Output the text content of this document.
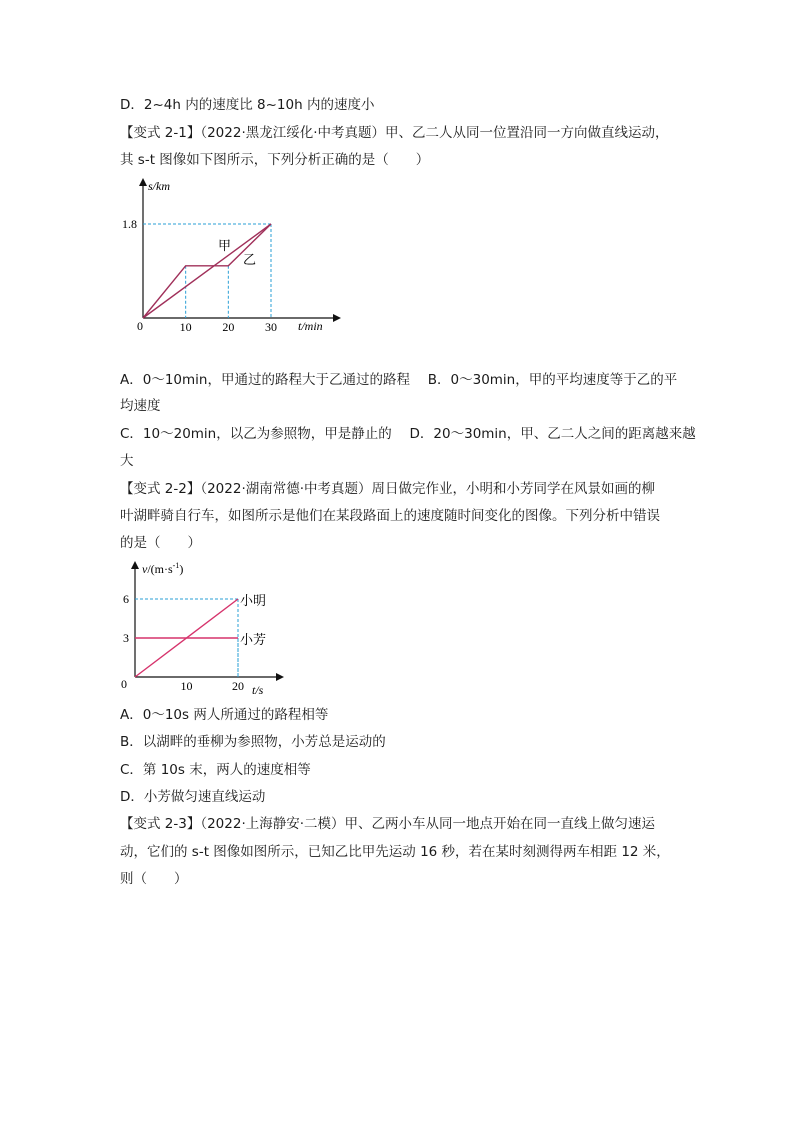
D．2~4h 内的速度比 8~10h 内的速度小
【变式 2-1】（2022·黑龙江绥化·中考真题）甲、乙二人从同一位置沿同一方向做直线运动，
其 s-t 图像如下图所示，下列分析正确的是（　　）
s/km
t/min
0	10	20	30
1.8
甲
乙
A．0～10min，甲通过的路程大于乙通过的路程　 B．0～30min，甲的平均速度等于乙的平
均速度
C．10～20min，以乙为参照物，甲是静止的　 D．20～30min，甲、乙二人之间的距离越来越
大
【变式 2-2】（2022·湖南常德·中考真题）周日做完作业，小明和小芳同学在风景如画的柳
叶湖畔骑自行车，如图所示是他们在某段路面上的速度随时间变化的图像。下列分析中错误
的是（　　）
$v/(m\cdot s^{-1})$
t/s
0	10	20
3
6	小明
小芳
A．0～10s 两人所通过的路程相等
B．以湖畔的垂柳为参照物，小芳总是运动的
C．第 10s 末，两人的速度相等
D．小芳做匀速直线运动
【变式 2-3】（2022·上海静安·二模）甲、乙两小车从同一地点开始在同一直线上做匀速运
动，它们的 s-t 图像如图所示，已知乙比甲先运动 16 秒，若在某时刻测得两车相距 12 米，
则（　　）
